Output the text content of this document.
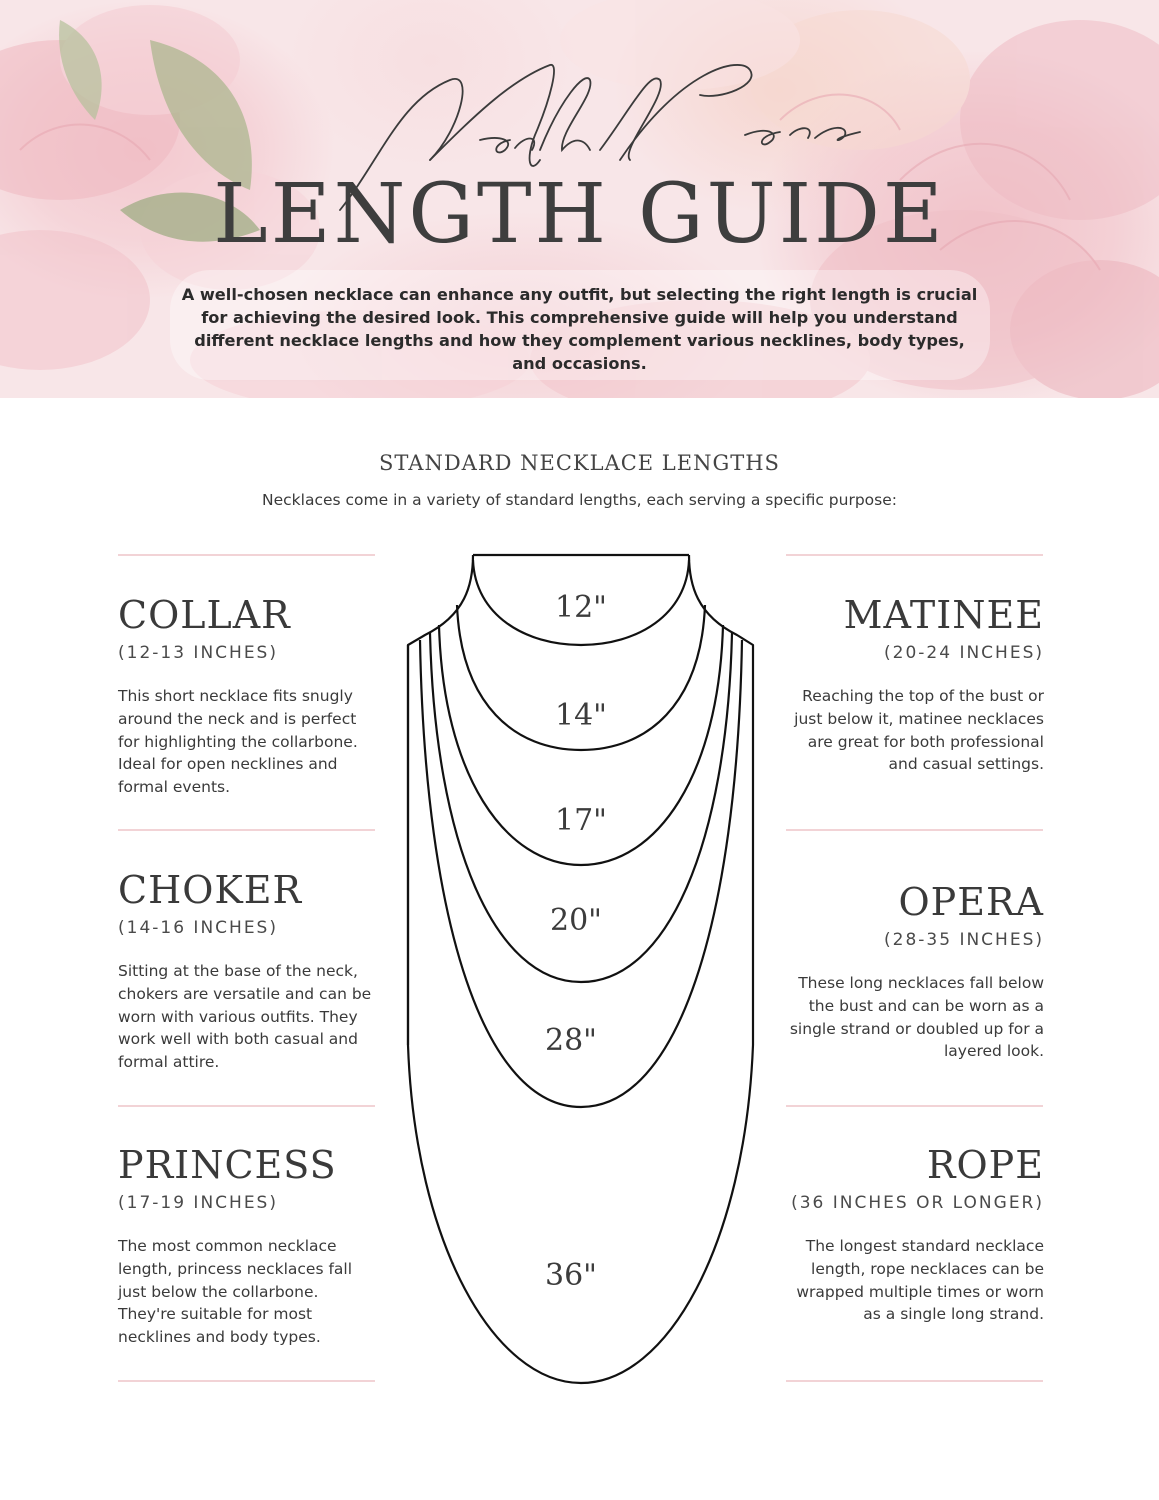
LENGTH GUIDE

A well-chosen necklace can enhance any outfit, but selecting the right length is crucial for achieving the desired look. This comprehensive guide will help you understand different necklace lengths and how they complement various necklines, body types, and occasions.

STANDARD NECKLACE LENGTHS

Necklaces come in a variety of standard lengths, each serving a specific purpose:

COLLAR

(12-13 INCHES)

This short necklace fits snugly around the neck and is perfect for highlighting the collarbone. Ideal for open necklines and formal events.

CHOKER

(14-16 INCHES)

Sitting at the base of the neck, chokers are versatile and can be worn with various outfits. They work well with both casual and formal attire.

PRINCESS

(17-19 INCHES)

The most common necklace length, princess necklaces fall just below the collarbone. They're suitable for most necklines and body types.

MATINEE

(20-24 INCHES)

Reaching the top of the bust or just below it, matinee necklaces are great for both professional and casual settings.

OPERA

(28-35 INCHES)

These long necklaces fall below the bust and can be worn as a single strand or doubled up for a layered look.

ROPE

(36 INCHES OR LONGER)

The longest standard necklace length, rope necklaces can be wrapped multiple times or worn as a single long strand.

12"
14"
17"
20"
28"
36"
